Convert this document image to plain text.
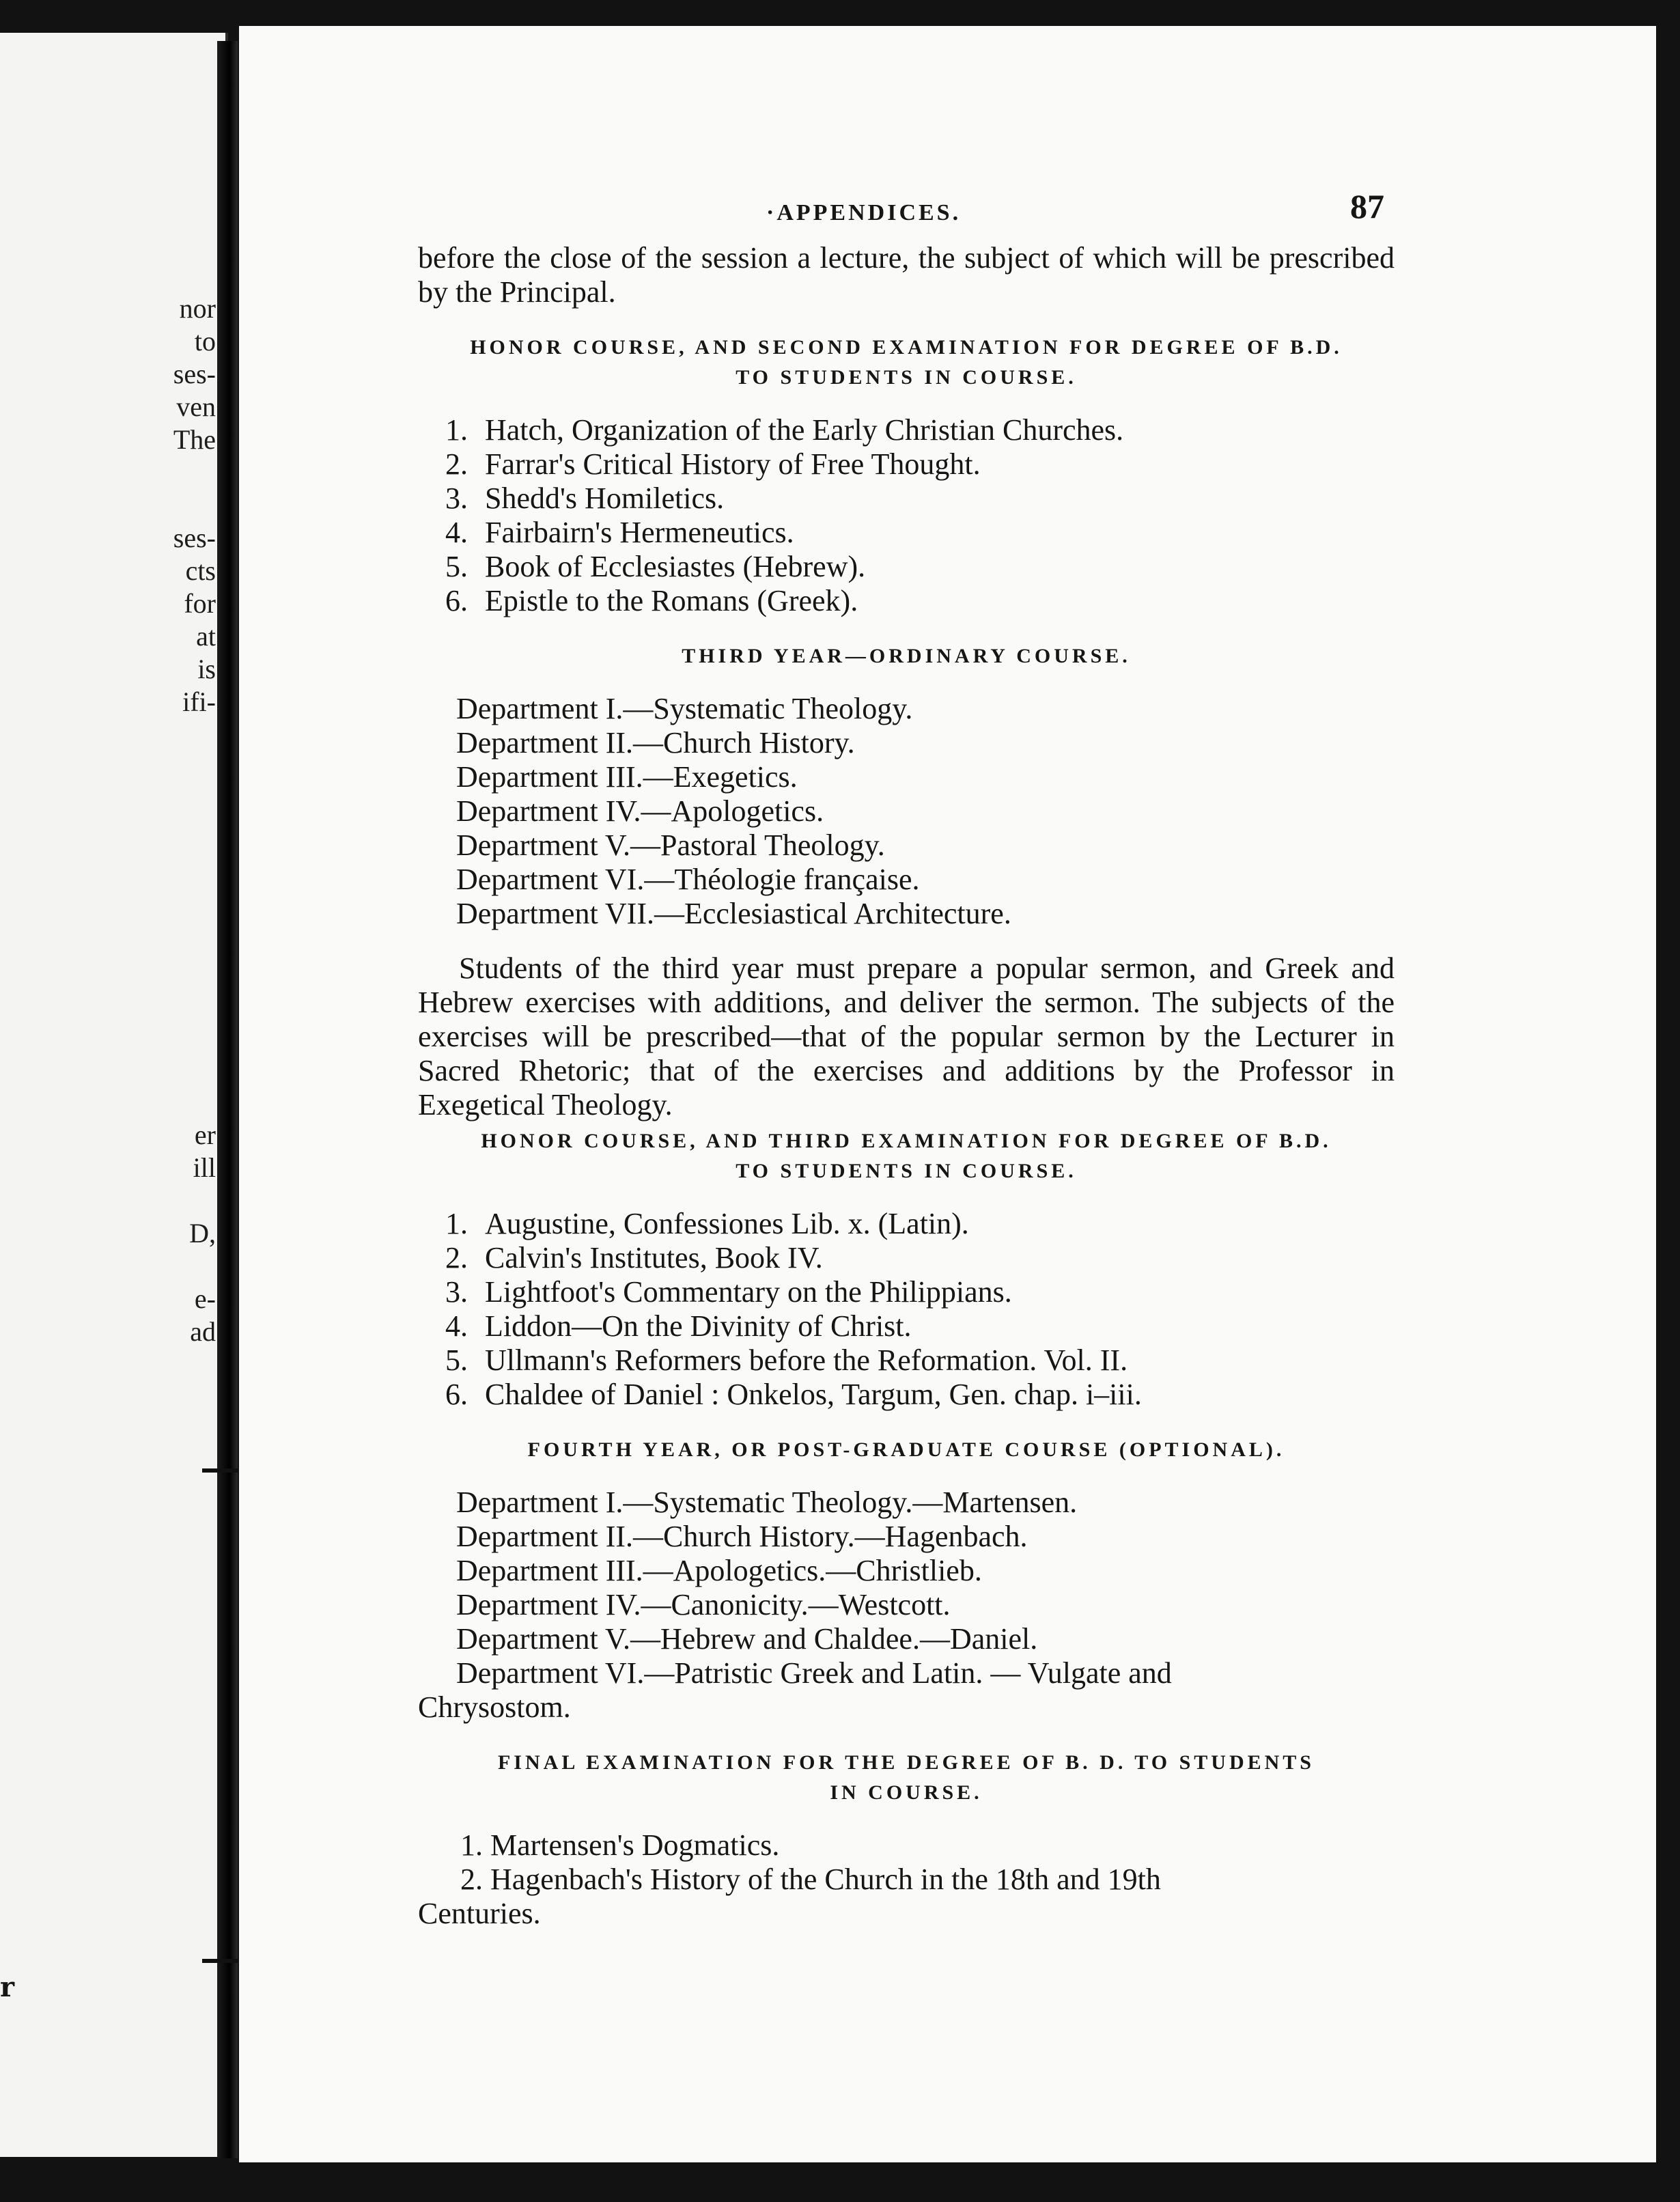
nor
to
ses-
ven
The
ses-
cts
for
at
is
ifi-
er
ill
D,
e-
ad
r
·APPENDICES.	87

before the close of the session a lecture, the subject of which will be prescribed by the Principal.

HONOR COURSE, AND SECOND EXAMINATION FOR DEGREE OF B.D.
TO STUDENTS IN COURSE.
1. Hatch, Organization of the Early Christian Churches.
2. Farrar's Critical History of Free Thought.
3. Shedd's Homiletics.
4. Fairbairn's Hermeneutics.
5. Book of Ecclesiastes (Hebrew).
6. Epistle to the Romans (Greek).
THIRD YEAR—ORDINARY COURSE.
Department I.—Systematic Theology.
Department II.—Church History.
Department III.—Exegetics.
Department IV.—Apologetics.
Department V.—Pastoral Theology.
Department VI.—Théologie française.
Department VII.—Ecclesiastical Architecture.

Students of the third year must prepare a popular sermon, and Greek and Hebrew exercises with additions, and deliver the sermon. The subjects of the exercises will be prescribed—that of the popular sermon by the Lecturer in Sacred Rhetoric; that of the exercises and additions by the Professor in Exegetical Theology.

HONOR COURSE, AND THIRD EXAMINATION FOR DEGREE OF B.D.
TO STUDENTS IN COURSE.
1. Augustine, Confessiones Lib. x. (Latin).
2. Calvin's Institutes, Book IV.
3. Lightfoot's Commentary on the Philippians.
4. Liddon—On the Divinity of Christ.
5. Ullmann's Reformers before the Reformation. Vol. II.
6. Chaldee of Daniel : Onkelos, Targum, Gen. chap. i–iii.
FOURTH YEAR, OR POST-GRADUATE COURSE (OPTIONAL).
Department I.—Systematic Theology.—Martensen.
Department II.—Church History.—Hagenbach.
Department III.—Apologetics.—Christlieb.
Department IV.—Canonicity.—Westcott.
Department V.—Hebrew and Chaldee.—Daniel.
Department VI.—Patristic Greek and Latin. — Vulgate and
Chrysostom.
FINAL EXAMINATION FOR THE DEGREE OF B. D. TO STUDENTS
IN COURSE.
1. Martensen's Dogmatics.
2. Hagenbach's History of the Church in the 18th and 19th
Centuries.
